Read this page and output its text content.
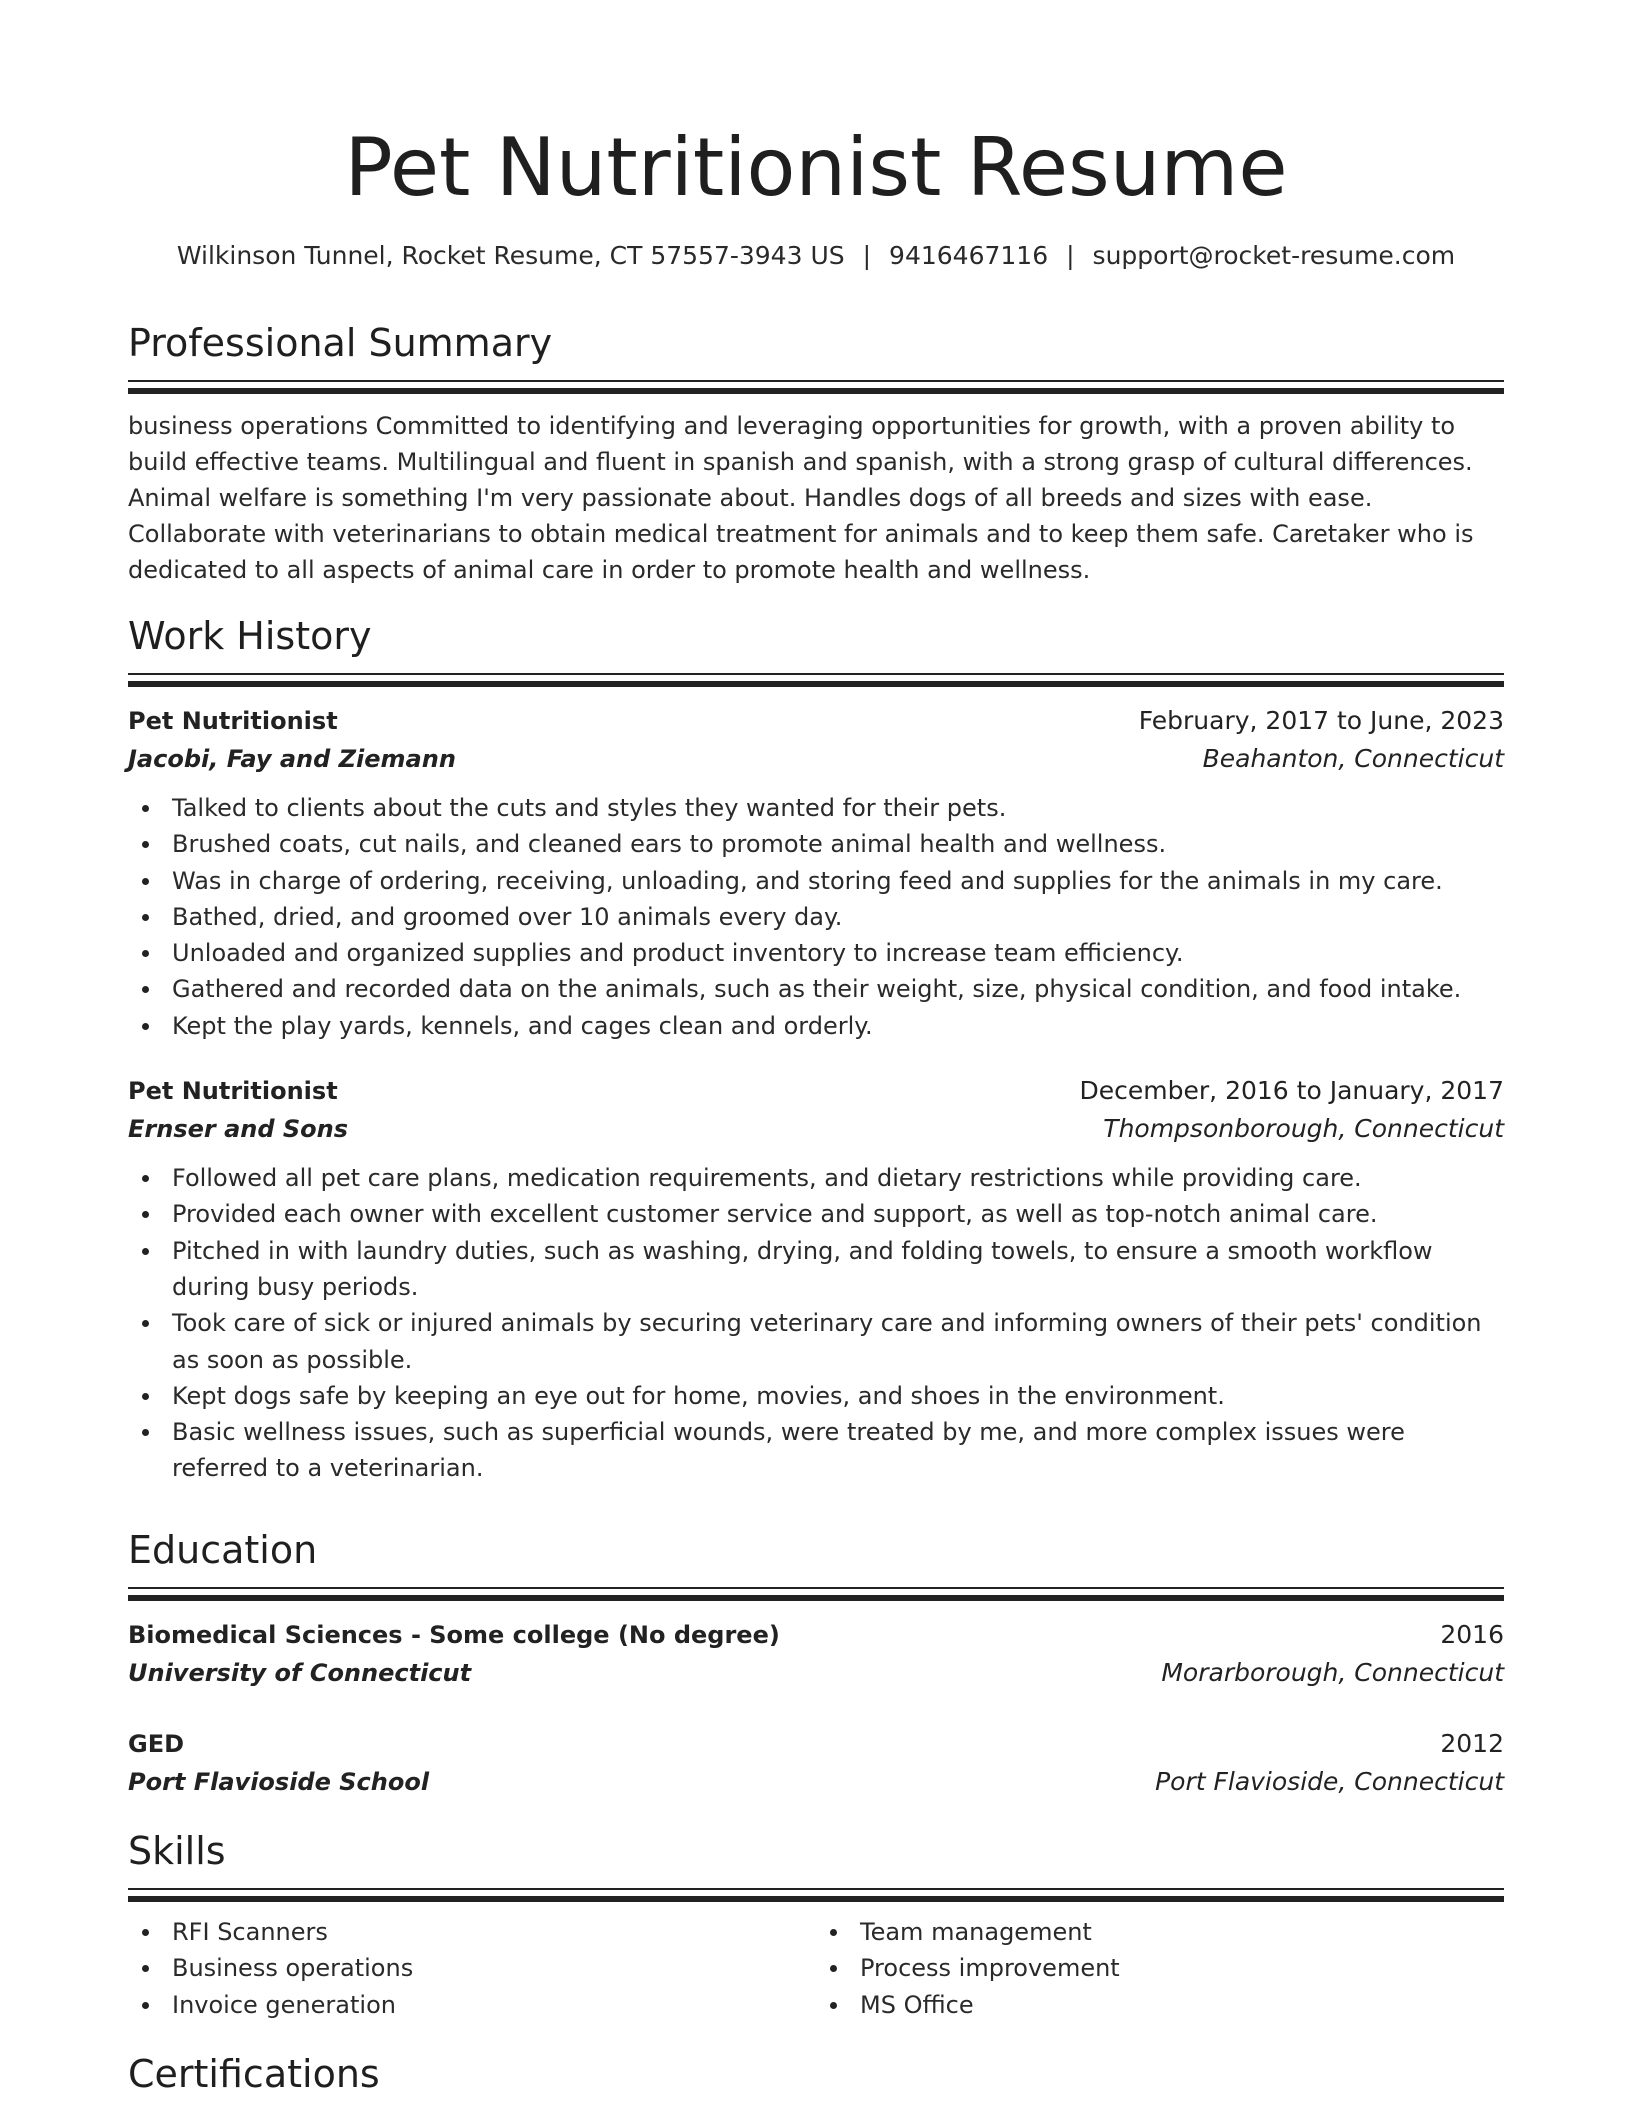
Pet Nutritionist Resume
Wilkinson Tunnel, Rocket Resume, CT 57557-3943 US | 9416467116 | support@rocket-resume.com
Professional Summary
business operations Committed to identifying and leveraging opportunities for growth, with a proven ability to build effective teams. Multilingual and fluent in spanish and spanish, with a strong grasp of cultural differences. Animal welfare is something I'm very passionate about. Handles dogs of all breeds and sizes with ease. Collaborate with veterinarians to obtain medical treatment for animals and to keep them safe. Caretaker who is dedicated to all aspects of animal care in order to promote health and wellness.
Work History
Pet Nutritionist	February, 2017 to June, 2023
Jacobi, Fay and Ziemann	Beahanton, Connecticut
Talked to clients about the cuts and styles they wanted for their pets.
Brushed coats, cut nails, and cleaned ears to promote animal health and wellness.
Was in charge of ordering, receiving, unloading, and storing feed and supplies for the animals in my care.
Bathed, dried, and groomed over 10 animals every day.
Unloaded and organized supplies and product inventory to increase team efficiency.
Gathered and recorded data on the animals, such as their weight, size, physical condition, and food intake.
Kept the play yards, kennels, and cages clean and orderly.
Pet Nutritionist	December, 2016 to January, 2017
Ernser and Sons	Thompsonborough, Connecticut
Followed all pet care plans, medication requirements, and dietary restrictions while providing care.
Provided each owner with excellent customer service and support, as well as top-notch animal care.
Pitched in with laundry duties, such as washing, drying, and folding towels, to ensure a smooth workflow during busy periods.
Took care of sick or injured animals by securing veterinary care and informing owners of their pets' condition as soon as possible.
Kept dogs safe by keeping an eye out for home, movies, and shoes in the environment.
Basic wellness issues, such as superficial wounds, were treated by me, and more complex issues were referred to a veterinarian.
Education
Biomedical Sciences - Some college (No degree)	2016
University of Connecticut	Morarborough, Connecticut
GED	2012
Port Flavioside School	Port Flavioside, Connecticut
Skills
RFI Scanners
Business operations
Invoice generation
Team management
Process improvement
MS Office
Certifications
